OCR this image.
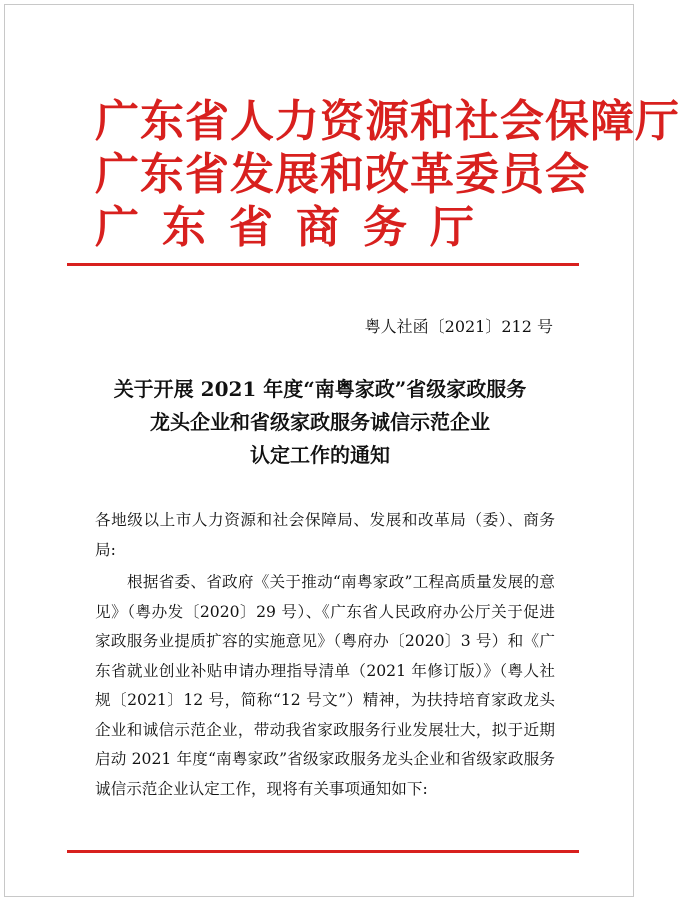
广东省人力资源和社会保障厅
广东省发展和改革委员会
广东省商务厅
粤人社函〔2021〕212 号
关于开展 2021 年度“南粤家政”省级家政服务
龙头企业和省级家政服务诚信示范企业
认定工作的通知
各地级以上市人力资源和社会保障局、发展和改革局（委）、商务局:
根据省委、省政府《关于推动“南粤家政”工程高质量发展的意见》（粤办发〔2020〕29 号）、《广东省人民政府办公厅关于促进家政服务业提质扩容的实施意见》（粤府办〔2020〕3 号）和《广东省就业创业补贴申请办理指导清单（2021 年修订版）》（粤人社规〔2021〕12 号，简称“12 号文”）精神，为扶持培育家政龙头企业和诚信示范企业，带动我省家政服务行业发展壮大，拟于近期启动 2021 年度“南粤家政”省级家政服务龙头企业和省级家政服务诚信示范企业认定工作，现将有关事项通知如下:
